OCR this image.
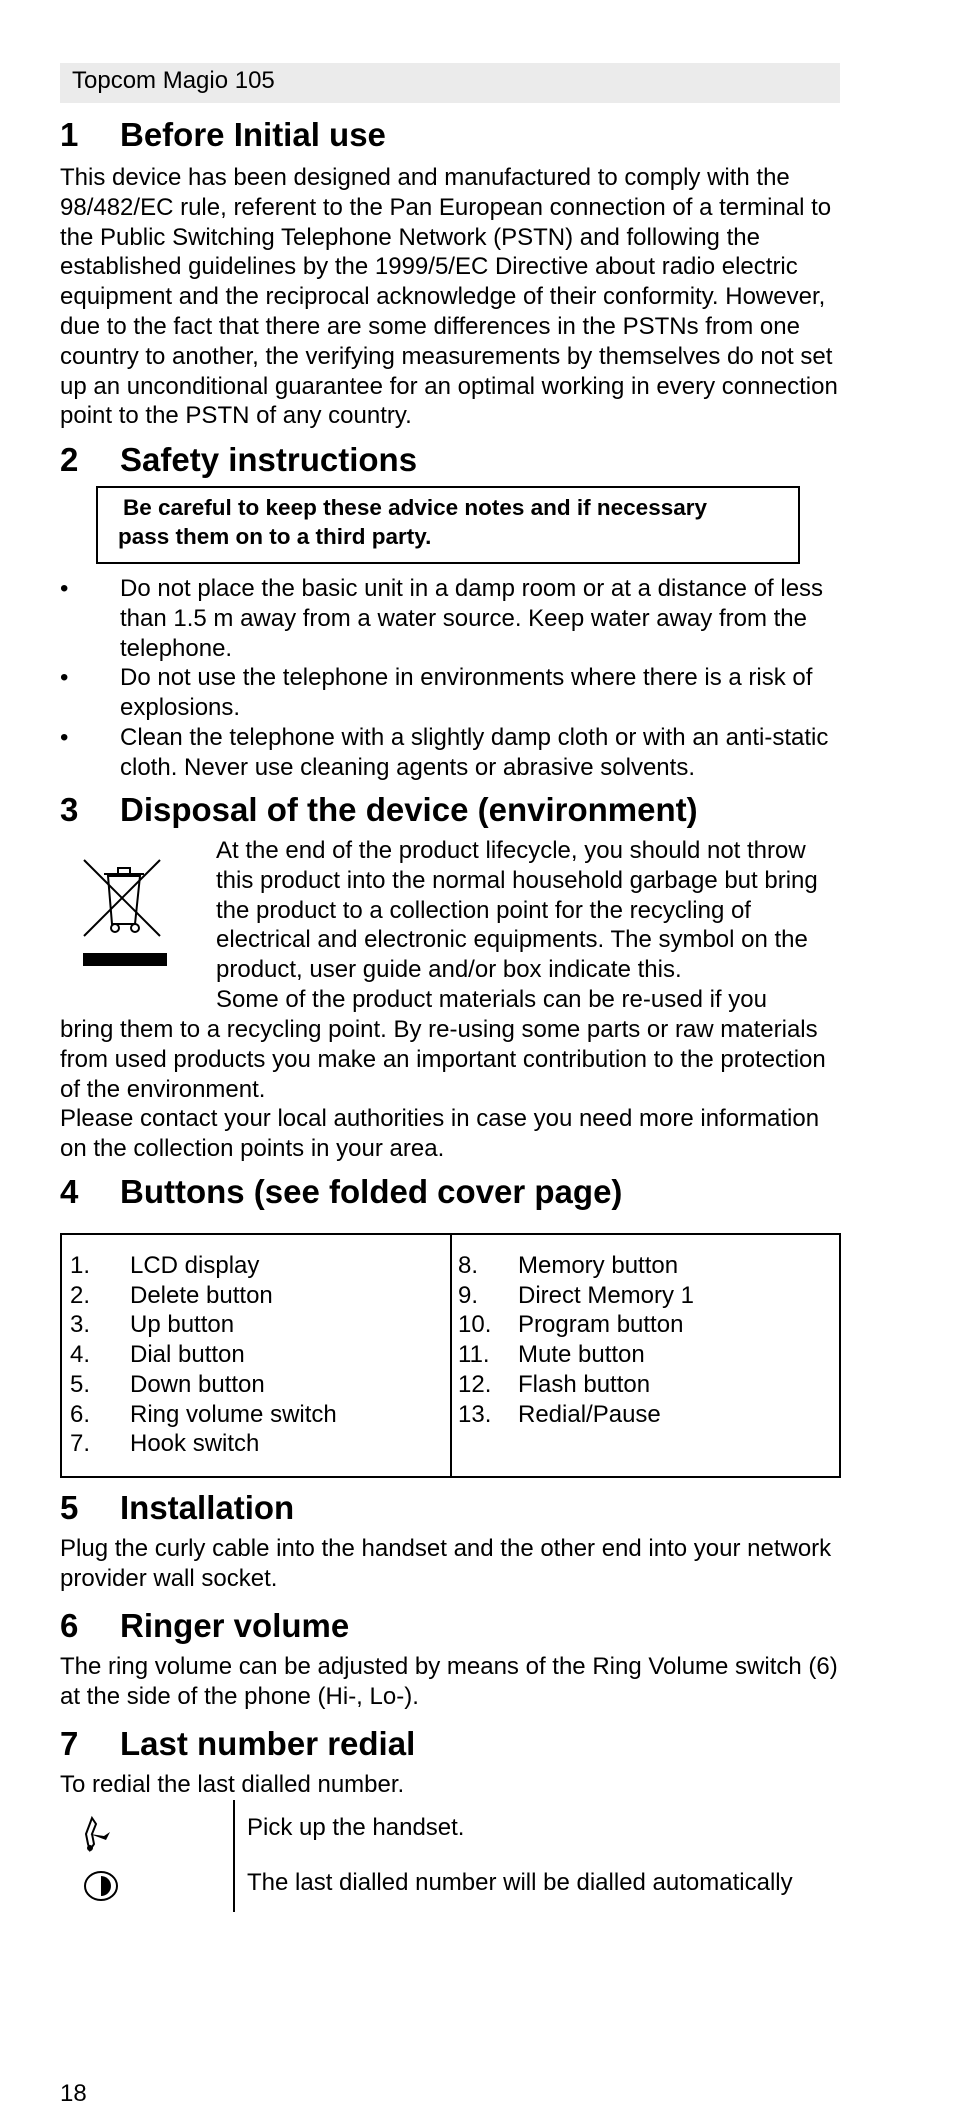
Topcom Magio 105
1 Before Initial use

This device has been designed and manufactured to comply with the 98/482/EC rule, referent to the Pan European connection of a terminal to the Public Switching Telephone Network (PSTN) and following the established guidelines by the 1999/5/EC Directive about radio electric equipment and the reciprocal acknowledge of their conformity. However, due to the fact that there are some differences in the PSTNs from one country to another, the verifying measurements by themselves do not set up an unconditional guarantee for an optimal working in every connection point to the PSTN of any country.

2 Safety instructions
Be careful to keep these advice notes and if necessary
pass them on to a third party.
• Do not place the basic unit in a damp room or at a distance of less than 1.5 m away from a water source. Keep water away from the telephone.
• Do not use the telephone in environments where there is a risk of explosions.
• Clean the telephone with a slightly damp cloth or with an anti-static cloth. Never use cleaning agents or abrasive solvents.
3 Disposal of the device (environment)
At the end of the product lifecycle, you should not throw this product into the normal household garbage but bring the product to a collection point for the recycling of electrical and electronic equipments. The symbol on the product, user guide and/or box indicate this.
Some of the product materials can be re-used if you
bring them to a recycling point. By re-using some parts or raw materials from used products you make an important contribution to the protection of the environment.
Please contact your local authorities in case you need more information on the collection points in your area.
4 Buttons (see folded cover page)
1. LCD display
2. Delete button
3. Up button
4. Dial button
5. Down button
6. Ring volume switch
7. Hook switch
8. Memory button
9. Direct Memory 1
10. Program button
11. Mute button
12. Flash button
13. Redial/Pause
5 Installation

Plug the curly cable into the handset and the other end into your network provider wall socket.

6 Ringer volume

The ring volume can be adjusted by means of the Ring Volume switch (6) at the side of the phone (Hi-, Lo-).

7 Last number redial

To redial the last dialled number.

Pick up the handset.
The last dialled number will be dialled automatically
18
